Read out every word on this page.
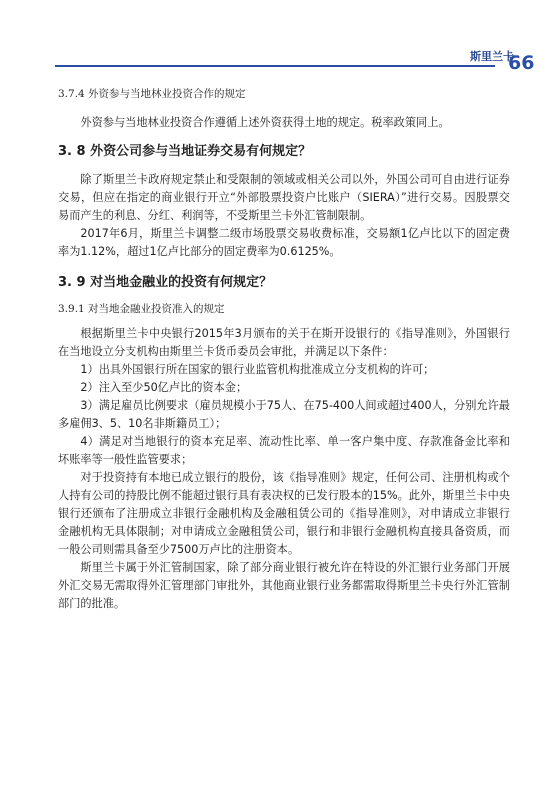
斯里兰卡
66

3.7.4 外资参与当地林业投资合作的规定

外资参与当地林业投资合作遵循上述外资获得土地的规定。税率政策同上。

3. 8 外资公司参与当地证券交易有何规定？

除了斯里兰卡政府规定禁止和受限制的领域或相关公司以外，外国公司可自由进行证券交易，但应在指定的商业银行开立“外部股票投资户比账户（SIERA）”进行交易。因股票交易而产生的利息、分红、利润等，不受斯里兰卡外汇管制限制。

2017年6月，斯里兰卡调整二级市场股票交易收费标准，交易额1亿卢比以下的固定费率为1.12%，超过1亿卢比部分的固定费率为0.6125%。

3. 9 对当地金融业的投资有何规定？

3.9.1 对当地金融业投资准入的规定

根据斯里兰卡中央银行2015年3月颁布的关于在斯开设银行的《指导准则》，外国银行在当地设立分支机构由斯里兰卡货币委员会审批，并满足以下条件：

1）出具外国银行所在国家的银行业监管机构批准成立分支机构的许可；

2）注入至少50亿卢比的资本金；

3）满足雇员比例要求（雇员规模小于75人、在75-400人间或超过400人，分别允许最多雇佣3、5、10名非斯籍员工）；

4）满足对当地银行的资本充足率、流动性比率、单一客户集中度、存款准备金比率和坏账率等一般性监管要求；

对于投资持有本地已成立银行的股份，该《指导准则》规定，任何公司、注册机构或个人持有公司的持股比例不能超过银行具有表决权的已发行股本的15%。此外，斯里兰卡中央银行还颁布了注册成立非银行金融机构及金融租赁公司的《指导准则》，对申请成立非银行金融机构无具体限制；对申请成立金融租赁公司，银行和非银行金融机构直接具备资质，而一般公司则需具备至少7500万卢比的注册资本。

斯里兰卡属于外汇管制国家，除了部分商业银行被允许在特设的外汇银行业务部门开展外汇交易无需取得外汇管理部门审批外，其他商业银行业务都需取得斯里兰卡央行外汇管制部门的批准。
